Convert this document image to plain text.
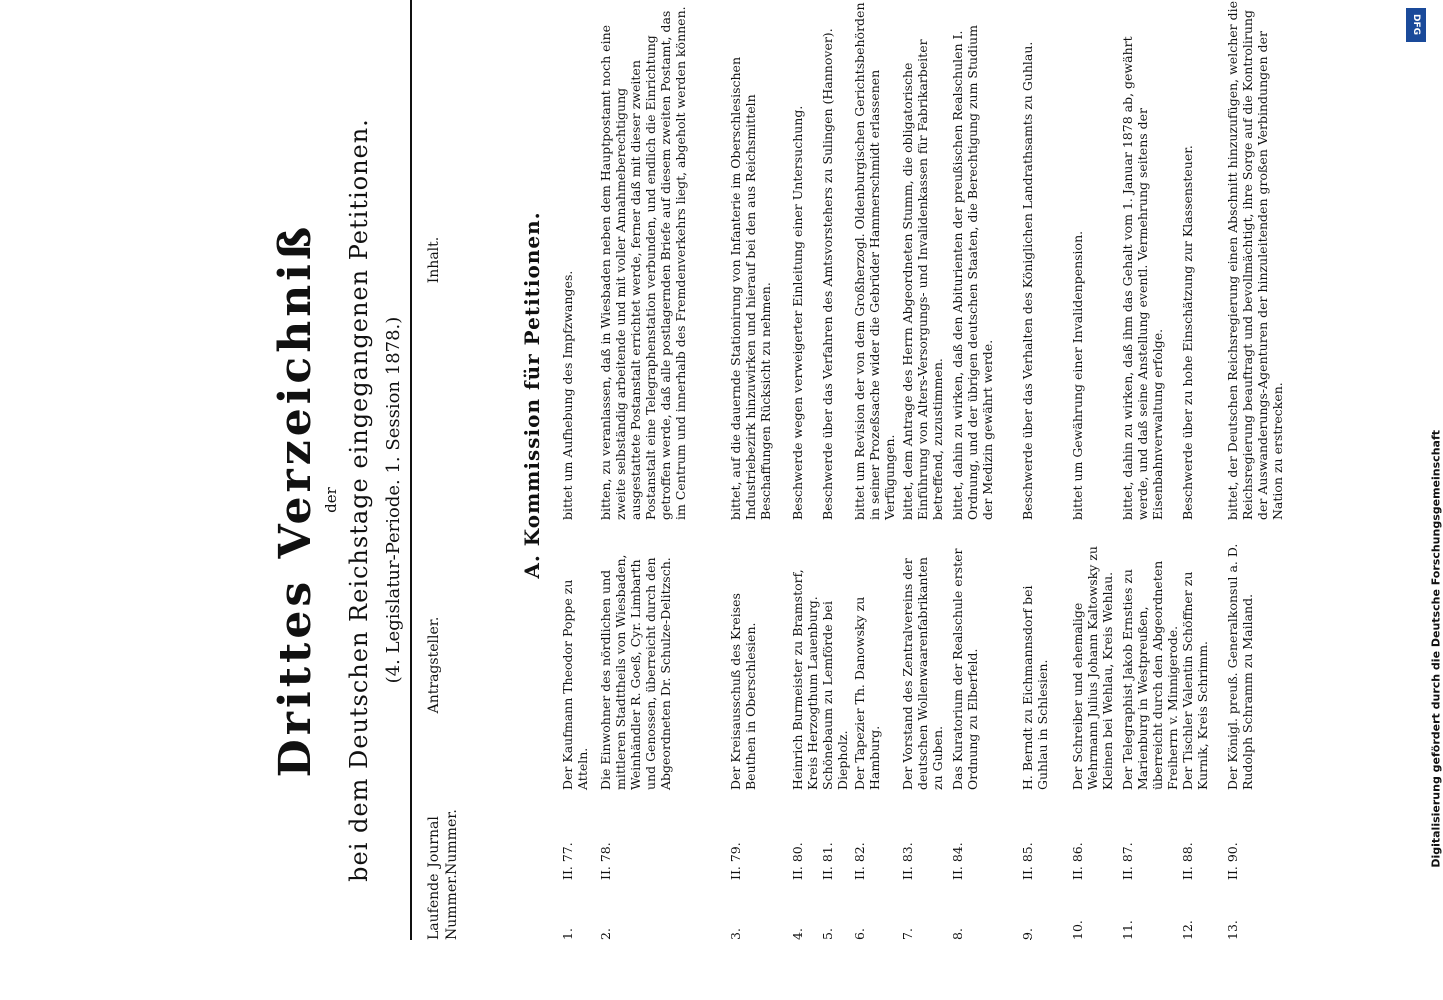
Drittes Verzeichniß der bei dem Deutschen Reichstage eingegangenen Petitionen. (4. Legislatur-Periode. 1. Session 1878.)
Laufende Nummer.
Journal Nummer.
Antragsteller.
Inhalt.	A. Kommission für Petitionen.
1.
II. 77.
Der Kaufmann Theodor Poppe zu Atteln.
bittet um Aufhebung des Impfzwanges.
2.
II. 78.
Die Einwohner des nördlichen und mittleren Stadttheils von Wiesbaden, Weinhändler R. Goeß, Cyr. Limbarth und Genossen, überreicht durch den Abgeordneten Dr. Schulze-Delitzsch.
bitten, zu veranlassen, daß in Wiesbaden neben dem Hauptpostamt noch eine zweite selbständig arbeitende und mit voller Annahmeberechtigung ausgestattete Postanstalt errichtet werde, ferner daß mit dieser zweiten Postanstalt eine Telegraphenstation verbunden, und endlich die Einrichtung getroffen werde, daß alle postlagernden Briefe auf diesem zweiten Postamt, das im Centrum und innerhalb des Fremdenverkehrs liegt, abgeholt werden können.
3.
II. 79.
Der Kreisausschuß des Kreises Beuthen in Oberschlesien.
bittet, auf die dauernde Stationirung von Infanterie im Oberschlesischen Industriebezirk hinzuwirken und hierauf bei den aus Reichsmitteln Beschaffungen Rücksicht zu nehmen.
4.
II. 80.
Heinrich Burmeister zu Bramstorf, Kreis Herzogthum Lauenburg.
Beschwerde wegen verweigerter Einleitung einer Untersuchung.
5.
II. 81.
Schönebaum zu Lemförde bei Diepholz.
Beschwerde über das Verfahren des Amtsvorstehers zu Sulingen (Hannover).
6.
II. 82.
Der Tapezier Th. Danowsky zu Hamburg.
bittet um Revision der von dem Großherzogl. Oldenburgischen Gerichtsbehörden in seiner Prozeßsache wider die Gebrüder Hammerschmidt erlassenen Verfügungen.
7.
II. 83.
Der Vorstand des Zentralvereins der deutschen Wollenwaarenfabrikanten zu Guben.
bittet, dem Antrage des Herrn Abgeordneten Stumm, die obligatorische Einführung von Alters-Versorgungs- und Invalidenkassen für Fabrikarbeiter betreffend, zuzustimmen.
8.
II. 84.
Das Kuratorium der Realschule erster Ordnung zu Elberfeld.
bittet, dahin zu wirken, daß den Abiturienten der preußischen Realschulen I. Ordnung, und der übrigen deutschen Staaten, die Berechtigung zum Studium der Medizin gewährt werde.
9.
II. 85.
H. Berndt zu Eichmannsdorf bei Guhlau in Schlesien.
Beschwerde über das Verhalten des Königlichen Landrathsamts zu Guhlau.
10.
II. 86.
Der Schreiber und ehemalige Wehrmann Julius Johann Kaltowsky zu Kleinen bei Wehlau, Kreis Wehlau.
bittet um Gewährung einer Invalidenpension.
11.
II. 87.
Der Telegraphist Jakob Ernsties zu Marienburg in Westpreußen, überreicht durch den Abgeordneten Freiherrn v. Minnigerode.
bittet, dahin zu wirken, daß ihm das Gehalt vom 1. Januar 1878 ab, gewährt werde, und daß seine Anstellung eventl. Vermehrung seitens der Eisenbahnverwaltung erfolge.
12.
II. 88.
Der Tischler Valentin Schöffner zu Kurnik, Kreis Schrimm.
Beschwerde über zu hohe Einschätzung zur Klassensteuer.
13.
II. 90.
Der Königl. preuß. Generalkonsul a. D. Rudolph Schramm zu Mailand.
bittet, der Deutschen Reichsregierung einen Abschnitt hinzuzufügen, welcher die Reichsregierung beauftragt und bevollmächtigt, ihre Sorge auf die Kontrolirung der Auswanderungs-Agenturen der hinzuleitenden großen Verbindungen der Nation zu erstrecken.
DFG
Digitalisierung gefördert durch die Deutsche Forschungsgemeinschaft
